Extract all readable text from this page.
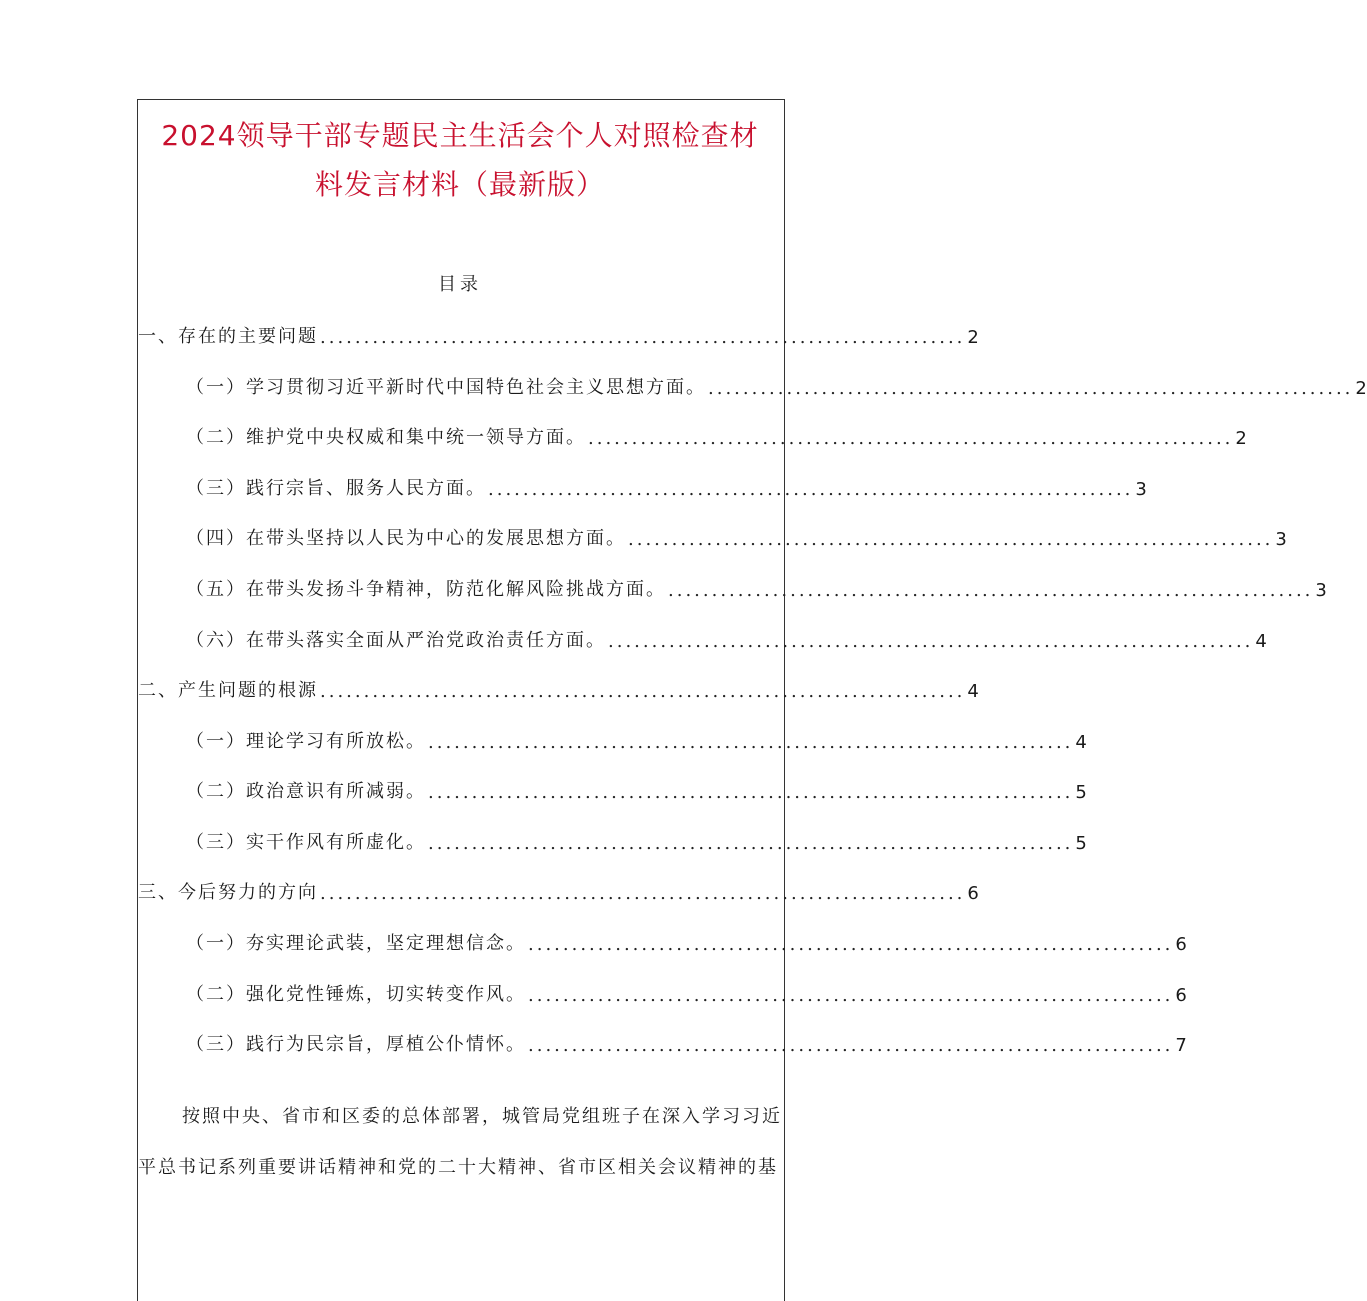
2024领导干部专题民主生活会个人对照检查材
料发言材料（最新版）
目录
一、存在的主要问题 .......................................................................... 2
（一）学习贯彻习近平新时代中国特色社会主义思想方面。 .......................................................................... 2
（二）维护党中央权威和集中统一领导方面。 .......................................................................... 2
（三）践行宗旨、服务人民方面。 .......................................................................... 3
（四）在带头坚持以人民为中心的发展思想方面。 .......................................................................... 3
（五）在带头发扬斗争精神，防范化解风险挑战方面。 .......................................................................... 3
（六）在带头落实全面从严治党政治责任方面。 .......................................................................... 4
二、产生问题的根源 .......................................................................... 4
（一）理论学习有所放松。 .......................................................................... 4
（二）政治意识有所减弱。 .......................................................................... 5
（三）实干作风有所虚化。 .......................................................................... 5
三、今后努力的方向 .......................................................................... 6
（一）夯实理论武装，坚定理想信念。 .......................................................................... 6
（二）强化党性锤炼，切实转变作风。 .......................................................................... 6
（三）践行为民宗旨，厚植公仆情怀。 .......................................................................... 7
按照中央、省市和区委的总体部署，城管局党组班子在深入学习习近
平总书记系列重要讲话精神和党的二十大精神、省市区相关会议精神的基
